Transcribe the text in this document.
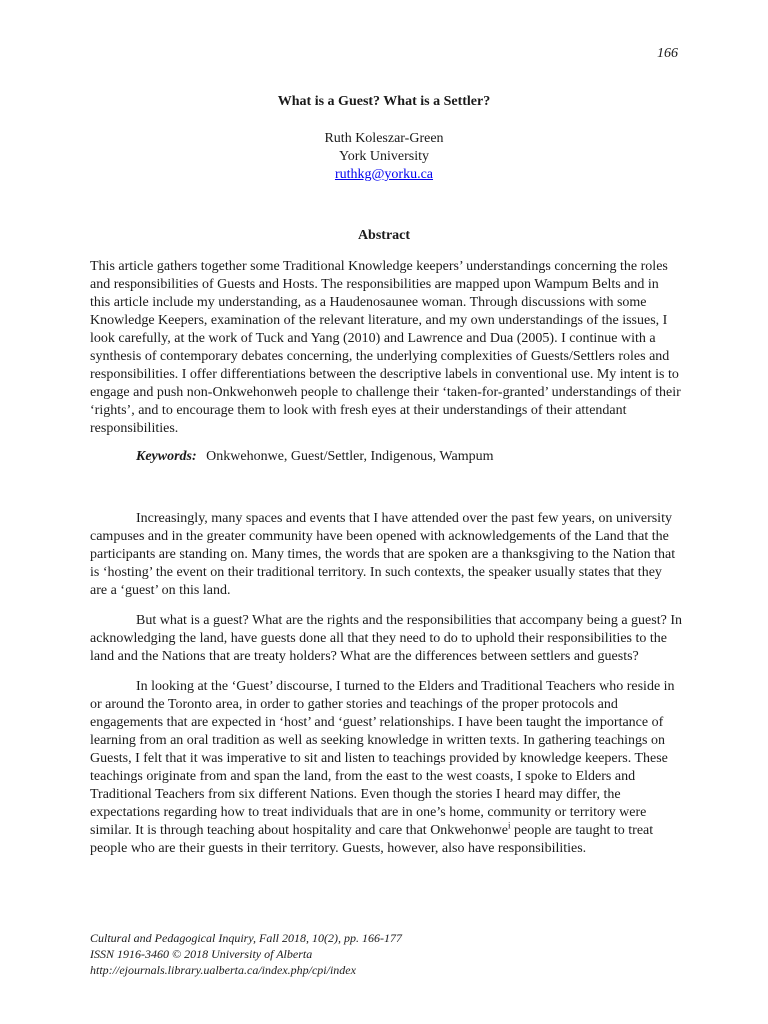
166
What is a Guest? What is a Settler?
Ruth Koleszar-Green
York University
ruthkg@yorku.ca
Abstract
This article gathers together some Traditional Knowledge keepers’ understandings concerning the roles and responsibilities of Guests and Hosts. The responsibilities are mapped upon Wampum Belts and in this article include my understanding, as a Haudenosaunee woman. Through discussions with some Knowledge Keepers, examination of the relevant literature, and my own understandings of the issues, I look carefully, at the work of Tuck and Yang (2010) and Lawrence and Dua (2005). I continue with a synthesis of contemporary debates concerning, the underlying complexities of Guests/Settlers roles and responsibilities. I offer differentiations between the descriptive labels in conventional use. My intent is to engage and push non-Onkwehonweh people to challenge their ‘taken-for-granted’ understandings of their ‘rights’, and to encourage them to look with fresh eyes at their understandings of their attendant responsibilities.
Keywords: Onkwehonwe, Guest/Settler, Indigenous, Wampum

Increasingly, many spaces and events that I have attended over the past few years, on university campuses and in the greater community have been opened with acknowledgements of the Land that the participants are standing on. Many times, the words that are spoken are a thanksgiving to the Nation that is ‘hosting’ the event on their traditional territory. In such contexts, the speaker usually states that they are a ‘guest’ on this land.

But what is a guest? What are the rights and the responsibilities that accompany being a guest? In acknowledging the land, have guests done all that they need to do to uphold their responsibilities to the land and the Nations that are treaty holders? What are the differences between settlers and guests?

In looking at the ‘Guest’ discourse, I turned to the Elders and Traditional Teachers who reside in or around the Toronto area, in order to gather stories and teachings of the proper protocols and engagements that are expected in ‘host’ and ‘guest’ relationships. I have been taught the importance of learning from an oral tradition as well as seeking knowledge in written texts. In gathering teachings on Guests, I felt that it was imperative to sit and listen to teachings provided by knowledge keepers. These teachings originate from and span the land, from the east to the west coasts, I spoke to Elders and Traditional Teachers from six different Nations. Even though the stories I heard may differ, the expectations regarding how to treat individuals that are in one’s home, community or territory were similar. It is through teaching about hospitality and care that Onkwehonwe$^i$ people are taught to treat people who are their guests in their territory. Guests, however, also have responsibilities.

Cultural and Pedagogical Inquiry, Fall 2018, 10(2), pp. 166-177
ISSN 1916-3460 © 2018 University of Alberta
http://ejournals.library.ualberta.ca/index.php/cpi/index
